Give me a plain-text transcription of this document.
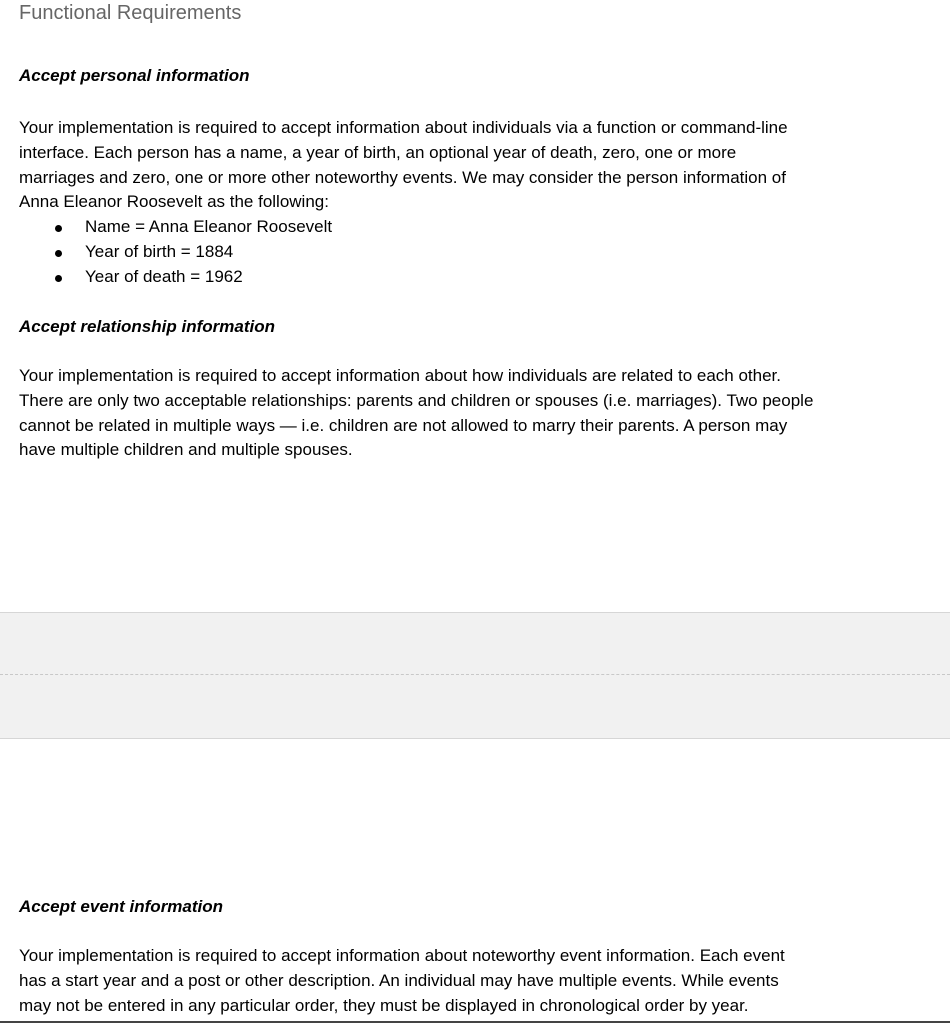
Functional Requirements
Accept personal information
Your implementation is required to accept information about individuals via a function or command-line
interface. Each person has a name, a year of birth, an optional year of death, zero, one or more
marriages and zero, one or more other noteworthy events. We may consider the person information of
Anna Eleanor Roosevelt as the following:
Name = Anna Eleanor Roosevelt
Year of birth = 1884
Year of death = 1962
Accept relationship information
Your implementation is required to accept information about how individuals are related to each other.
There are only two acceptable relationships: parents and children or spouses (i.e. marriages). Two people
cannot be related in multiple ways — i.e. children are not allowed to marry their parents. A person may
have multiple children and multiple spouses.
Accept event information
Your implementation is required to accept information about noteworthy event information. Each event
has a start year and a post or other description. An individual may have multiple events. While events
may not be entered in any particular order, they must be displayed in chronological order by year.
